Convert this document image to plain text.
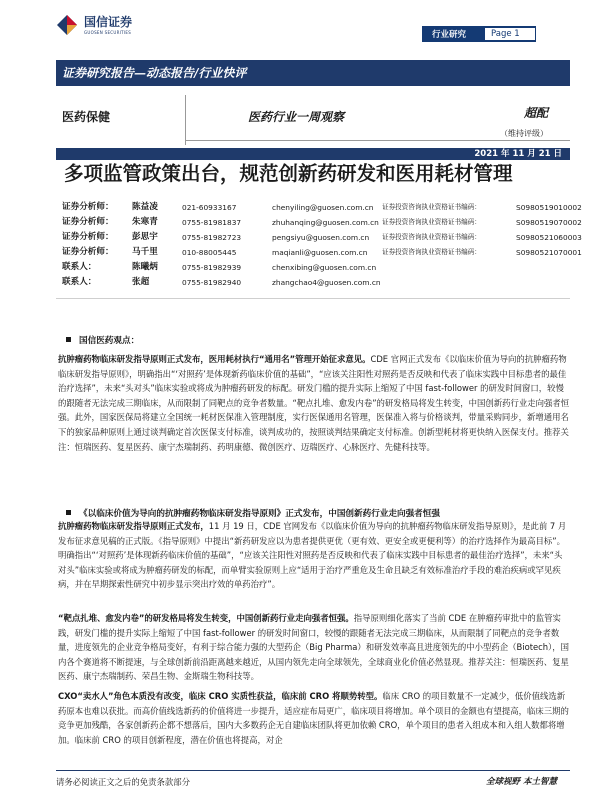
国信证券
GUOSEN SECURITIES	行业研究	Page 1
证券研究报告—动态报告/行业快评
医药保健	医药行业一周观察	超配
（维持评级）
2021 年 11 月 21 日
多项监管政策出台，规范创新药研发和医用耗材管理
证券分析师： 陈益凌	021-60933167	chenyiling@guosen.com.cn 证券投资咨询执业资格证书编码：	S0980519010002
证券分析师： 朱寒青	0755-81981837	zhuhanqing@guosen.com.cn 证券投资咨询执业资格证书编码：	S0980519070002
证券分析师： 彭思宇	0755-81982723	pengsiyu@guosen.com.cn 证券投资咨询执业资格证书编码：	S0980521060003
证券分析师： 马千里	010-88005445	maqianli@guosen.com.cn 证券投资咨询执业资格证书编码：	S0980521070001
联系人：	陈曦炳	0755-81982939	chenxibing@guosen.com.cn
联系人：	张超	0755-81982940	zhangchao4@guosen.com.cn
国信医药观点：
抗肿瘤药物临床研发指导原则正式发布，医用耗材执行“通用名”管理开始征求意见。CDE 官网正式发布《以临床价值为导向的抗肿瘤药物临床研发指导原则》，明确指出“‘对照药’是体现新药临床价值的基础”，“应该关注阳性对照药是否反映和代表了临床实践中目标患者的最佳治疗选择”，未来“头对头”临床实验或将成为肿瘤药研发的标配。研发门槛的提升实际上缩短了中国 fast-follower 的研发时间窗口，较慢的跟随者无法完成三期临床，从而限制了同靶点的竞争者数量。“靶点扎堆、愈发内卷”的研发格局将发生转变，中国创新药行业走向强者恒强。此外，国家医保局将建立全国统一耗材医保准入管理制度，实行医保通用名管理，医保准入将与价格谈判，带量采购同步，新增通用名下的独家品种原则上通过谈判确定首次医保支付标准，谈判成功的，按照谈判结果确定支付标准。创新型耗材将更快纳入医保支付。推荐关注：恒瑞医药、复星医药、康宁杰瑞制药、药明康德、微创医疗、迈瑞医疗、心脉医疗、先健科技等。
《以临床价值为导向的抗肿瘤药物临床研发指导原则》正式发布，中国创新药行业走向强者恒强
抗肿瘤药物临床研发指导原则正式发布，11 月 19 日，CDE 官网发布《以临床价值为导向的抗肿瘤药物临床研发指导原则》，是此前 7 月发布征求意见稿的正式版。《指导原则》中提出“新药研发应以为患者提供更优（更有效、更安全或更便利等）的治疗选择作为最高目标”。明确指出“‘对照药’是体现新药临床价值的基础”，“应该关注阳性对照药是否反映和代表了临床实践中目标患者的最佳治疗选择”，未来“头对头”临床实验或将成为肿瘤药研发的标配，而单臂实验原则上应“适用于治疗严重危及生命且缺乏有效标准治疗手段的难治疾病或罕见疾病，并在早期探索性研究中初步显示突出疗效的单药治疗”。
“靶点扎堆、愈发内卷”的研发格局将发生转变，中国创新药行业走向强者恒强。指导原则细化落实了当前 CDE 在肿瘤药审批中的监管实践，研发门槛的提升实际上缩短了中国 fast-follower 的研发时间窗口，较慢的跟随者无法完成三期临床，从而限制了同靶点的竞争者数量，进度领先的企业竞争格局变好，有利于综合能力强的大型药企（Big Pharma）和研发效率高且进度领先的中小型药企（Biotech），国内各个赛道将不断提速，与全球创新前沿距离越来越近，从国内领先走向全球领先，全球商业化价值必然显现。推荐关注：恒瑞医药、复星医药、康宁杰瑞制药、荣昌生物、金斯瑞生物科技等。
CXO“卖水人”角色本质没有改变，临床 CRO 实质性获益，临床前 CRO 将顺势转型。临床 CRO 的项目数量不一定减少，低价值线选新药原本也难以获批。而高价值线选新药的价值将进一步提升，适应症布局更广，临床项目将增加。单个项目的金额也有望提高，临床三期的竞争更加残酷，各家创新药企都不想落后，国内大多数药企无自建临床团队将更加依赖 CRO，单个项目的患者入组成本和入组人数都将增加。临床前 CRO 的项目创新程度，潜在价值也将提高，对企
请务必阅读正文之后的免责条款部分	全球视野 本土智慧
